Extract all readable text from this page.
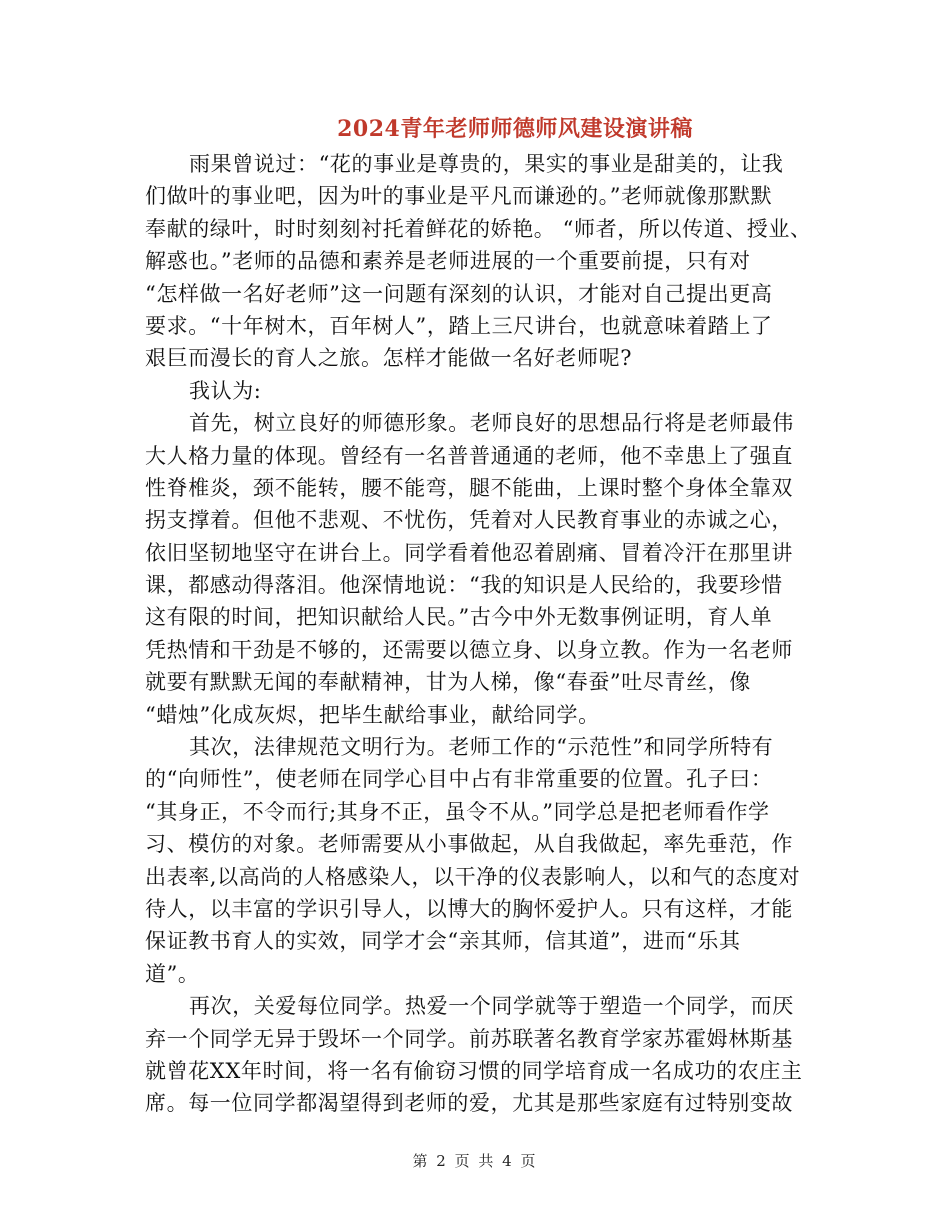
2024青年老师师德师风建设演讲稿
雨果曾说过：“花的事业是尊贵的，果实的事业是甜美的，让我
们做叶的事业吧，因为叶的事业是平凡而谦逊的。”老师就像那默默
奉献的绿叶，时时刻刻衬托着鲜花的娇艳。 “师者，所以传道、授业、
解惑也。”老师的品德和素养是老师进展的一个重要前提，只有对
“怎样做一名好老师”这一问题有深刻的认识，才能对自己提出更高
要求。“十年树木，百年树人”，踏上三尺讲台，也就意味着踏上了
艰巨而漫长的育人之旅。怎样才能做一名好老师呢?
我认为:
首先，树立良好的师德形象。老师良好的思想品行将是老师最伟
大人格力量的体现。曾经有一名普普通通的老师，他不幸患上了强直
性脊椎炎，颈不能转，腰不能弯，腿不能曲，上课时整个身体全靠双
拐支撑着。但他不悲观、不忧伤，凭着对人民教育事业的赤诚之心，
依旧坚韧地坚守在讲台上。同学看着他忍着剧痛、冒着冷汗在那里讲
课，都感动得落泪。他深情地说：“我的知识是人民给的，我要珍惜
这有限的时间，把知识献给人民。”古今中外无数事例证明，育人单
凭热情和干劲是不够的，还需要以德立身、以身立教。作为一名老师
就要有默默无闻的奉献精神，甘为人梯，像“春蚕”吐尽青丝，像
“蜡烛”化成灰烬，把毕生献给事业，献给同学。
其次，法律规范文明行为。老师工作的“示范性”和同学所特有
的“向师性”，使老师在同学心目中占有非常重要的位置。孔子曰：
“其身正，不令而行;其身不正，虽令不从。”同学总是把老师看作学
习、模仿的对象。老师需要从小事做起，从自我做起，率先垂范，作
出表率,以高尚的人格感染人，以干净的仪表影响人，以和气的态度对
待人，以丰富的学识引导人，以博大的胸怀爱护人。只有这样，才能
保证教书育人的实效，同学才会“亲其师，信其道”，进而“乐其
道”。
再次，关爱每位同学。热爱一个同学就等于塑造一个同学，而厌
弃一个同学无异于毁坏一个同学。前苏联著名教育学家苏霍姆林斯基
就曾花XX年时间，将一名有偷窃习惯的同学培育成一名成功的农庄主
席。每一位同学都渴望得到老师的爱，尤其是那些家庭有过特别变故
第 2 页 共 4 页
